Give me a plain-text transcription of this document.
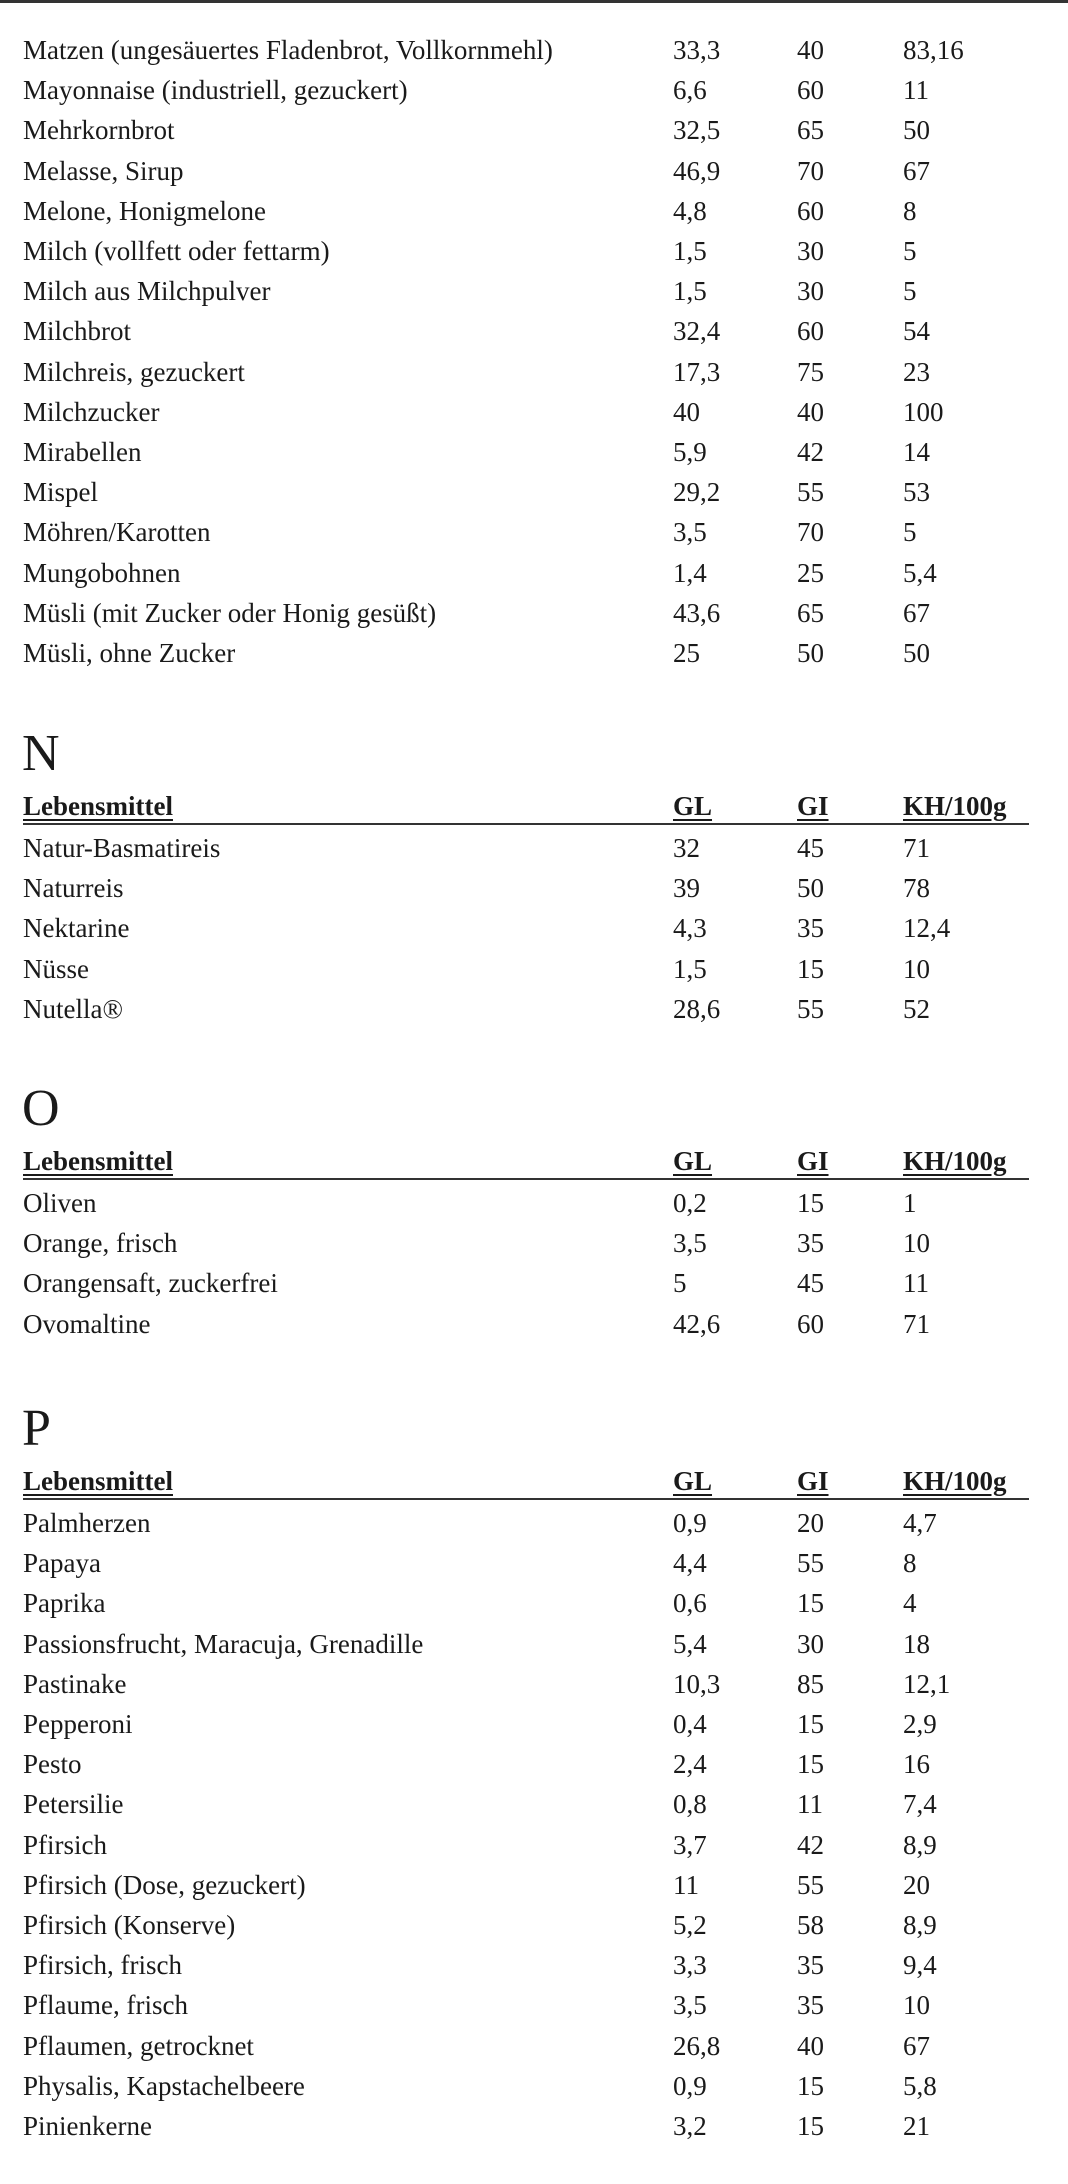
Matzen (ungesäuertes Fladenbrot, Vollkornmehl)	33,3	40	83,16
Mayonnaise (industriell, gezuckert)	6,6	60	11
Mehrkornbrot	32,5	65	50
Melasse, Sirup	46,9	70	67
Melone, Honigmelone	4,8	60	8
Milch (vollfett oder fettarm)	1,5	30	5
Milch aus Milchpulver	1,5	30	5
Milchbrot	32,4	60	54
Milchreis, gezuckert	17,3	75	23
Milchzucker	40	40	100
Mirabellen	5,9	42	14
Mispel	29,2	55	53
Möhren/Karotten	3,5	70	5
Mungobohnen	1,4	25	5,4
Müsli (mit Zucker oder Honig gesüßt)	43,6	65	67
Müsli, ohne Zucker	25	50	50
N
Lebensmittel	GL	GI	KH/100g
Natur-Basmatireis	32	45	71
Naturreis	39	50	78
Nektarine	4,3	35	12,4
Nüsse	1,5	15	10
Nutella®	28,6	55	52
O
Lebensmittel	GL	GI	KH/100g
Oliven	0,2	15	1
Orange, frisch	3,5	35	10
Orangensaft, zuckerfrei	5	45	11
Ovomaltine	42,6	60	71
P
Lebensmittel	GL	GI	KH/100g
Palmherzen	0,9	20	4,7
Papaya	4,4	55	8
Paprika	0,6	15	4
Passionsfrucht, Maracuja, Grenadille	5,4	30	18
Pastinake	10,3	85	12,1
Pepperoni	0,4	15	2,9
Pesto	2,4	15	16
Petersilie	0,8	11	7,4
Pfirsich	3,7	42	8,9
Pfirsich (Dose, gezuckert)	11	55	20
Pfirsich (Konserve)	5,2	58	8,9
Pfirsich, frisch	3,3	35	9,4
Pflaume, frisch	3,5	35	10
Pflaumen, getrocknet	26,8	40	67
Physalis, Kapstachelbeere	0,9	15	5,8
Pinienkerne	3,2	15	21
